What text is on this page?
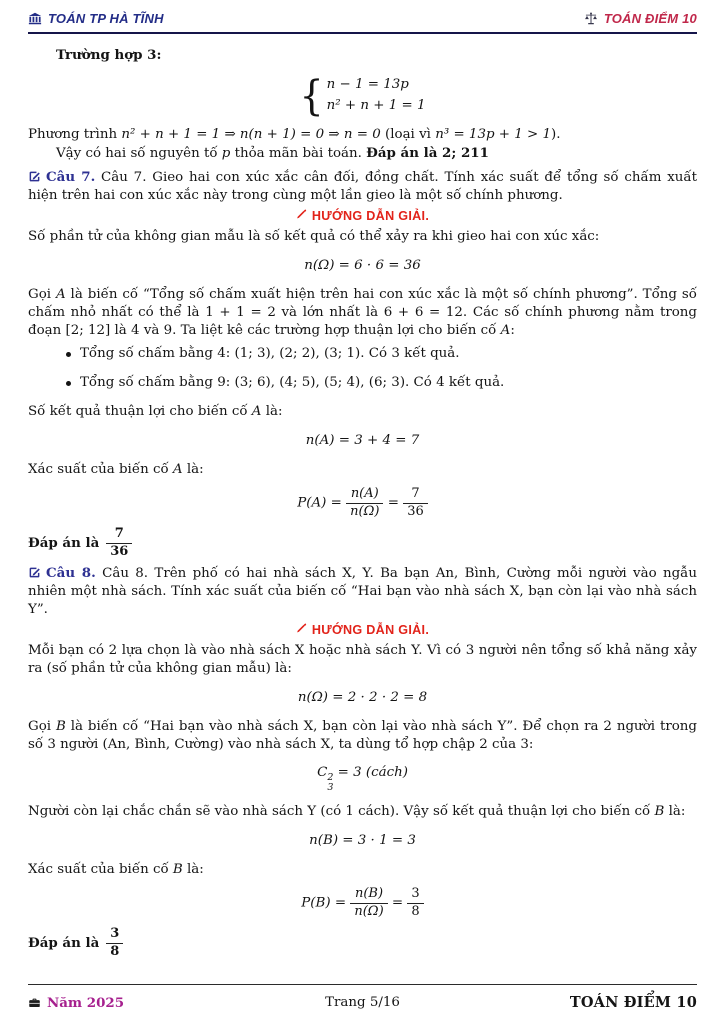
TOÁN TP HÀ TĨNH	TOÁN ĐIỂM 10

Trường hợp 3:

{ n − 1 = 13p
n² + n + 1 = 1

Phương trình n² + n + 1 = 1 ⇒ n(n + 1) = 0 ⇒ n = 0 (loại vì n³ = 13p + 1 > 1).

Vậy có hai số nguyên tố p thỏa mãn bài toán. Đáp án là 2; 211

Câu 7. Câu 7. Gieo hai con xúc xắc cân đối, đồng chất. Tính xác suất để tổng số chấm xuất hiện trên hai con xúc xắc này trong cùng một lần gieo là một số chính phương.

HƯỚNG DẪN GIẢI.

Số phần tử của không gian mẫu là số kết quả có thể xảy ra khi gieo hai con xúc xắc:

n(Ω) = 6 · 6 = 36

Gọi A là biến cố “Tổng số chấm xuất hiện trên hai con xúc xắc là một số chính phương”. Tổng số chấm nhỏ nhất có thể là 1 + 1 = 2 và lớn nhất là 6 + 6 = 12. Các số chính phương nằm trong đoạn [2; 12] là 4 và 9. Ta liệt kê các trường hợp thuận lợi cho biến cố A:

Tổng số chấm bằng 4: (1; 3), (2; 2), (3; 1). Có 3 kết quả.
Tổng số chấm bằng 9: (3; 6), (4; 5), (5; 4), (6; 3). Có 4 kết quả.

Số kết quả thuận lợi cho biến cố A là:

n(A) = 3 + 4 = 7

Xác suất của biến cố A là:

$P(A) = \frac{n(A)}{n(\Omega)} = \frac{7}{36}$
Đáp án là $\frac{7}{36}$

Câu 8. Câu 8. Trên phố có hai nhà sách X, Y. Ba bạn An, Bình, Cường mỗi người vào ngẫu nhiên một nhà sách. Tính xác suất của biến cố “Hai bạn vào nhà sách X, bạn còn lại vào nhà sách Y”.

HƯỚNG DẪN GIẢI.

Mỗi bạn có 2 lựa chọn là vào nhà sách X hoặc nhà sách Y. Vì có 3 người nên tổng số khả năng xảy ra (số phần tử của không gian mẫu) là:

n(Ω) = 2 · 2 · 2 = 8

Gọi B là biến cố “Hai bạn vào nhà sách X, bạn còn lại vào nhà sách Y”. Để chọn ra 2 người trong số 3 người (An, Bình, Cường) vào nhà sách X, ta dùng tổ hợp chập 2 của 3:

C 2
3
= 3 (cách)

Người còn lại chắc chắn sẽ vào nhà sách Y (có 1 cách). Vậy số kết quả thuận lợi cho biến cố B là:

n(B) = 3 · 1 = 3

Xác suất của biến cố B là:

$P(B) = \frac{n(B)}{n(\Omega)} = \frac{3}{8}$
Đáp án là $\frac{3}{8}$
Năm 2025	Trang 5/16	TOÁN ĐIỂM 10
